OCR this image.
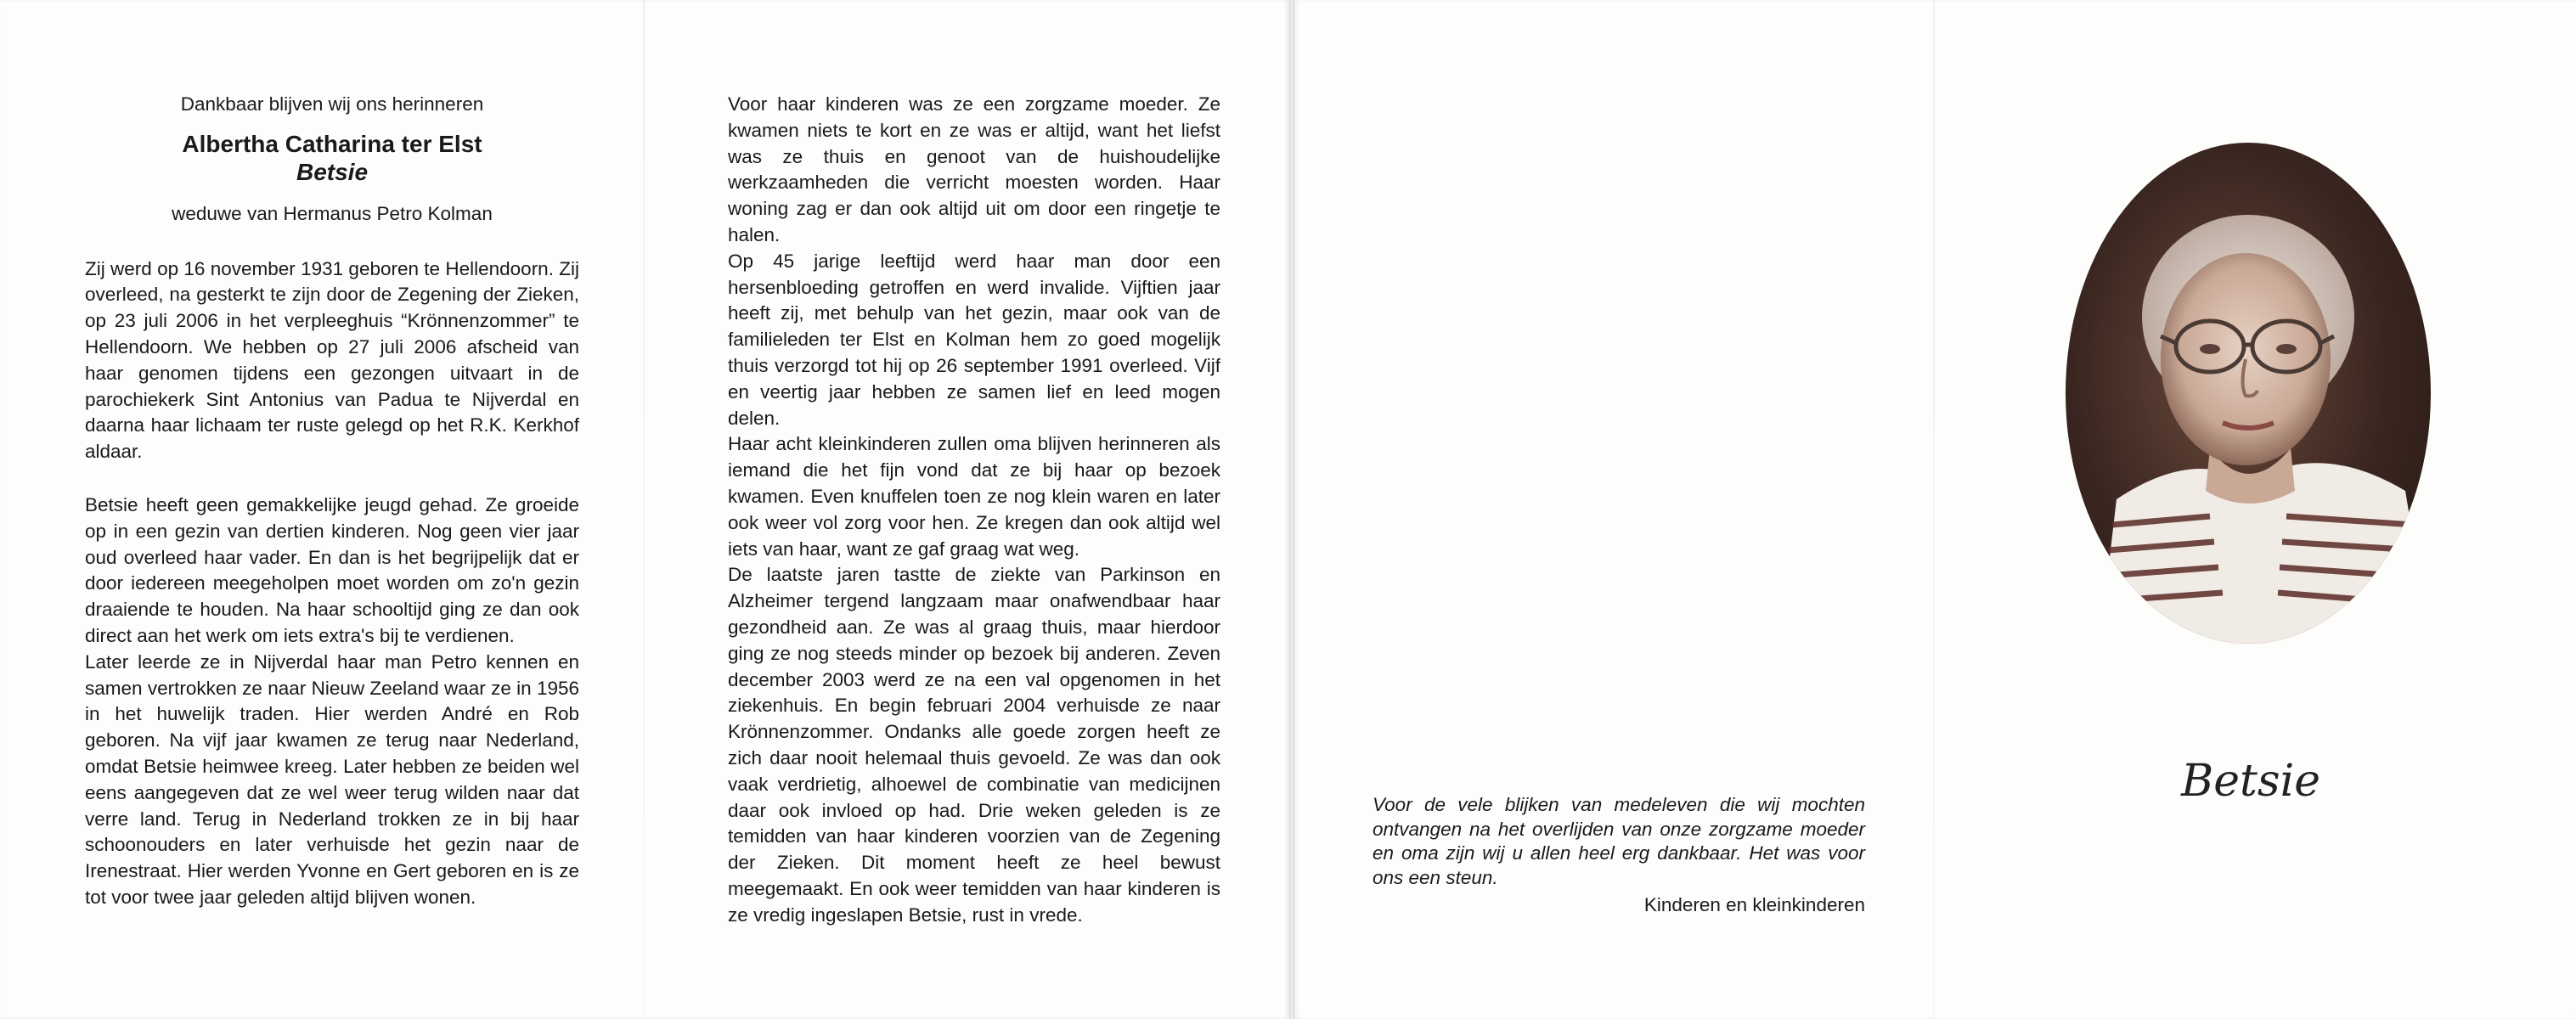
Dankbaar blijven wij ons herinneren
Albertha Catharina ter Elst
Betsie
weduwe van Hermanus Petro Kolman

Zij werd op 16 november 1931 geboren te Hellendoorn. Zij overleed, na gesterkt te zijn door de Zegening der Zieken, op 23 juli 2006 in het verpleeghuis “Krönnenzommer” te Hellendoorn. We hebben op 27 juli 2006 afscheid van haar genomen tijdens een gezongen uitvaart in de parochiekerk Sint Antonius van Padua te Nijverdal en daarna haar lichaam ter ruste gelegd op het R.K. Kerkhof aldaar.

Betsie heeft geen gemakkelijke jeugd gehad. Ze groeide op in een gezin van dertien kinderen. Nog geen vier jaar oud overleed haar vader. En dan is het begrijpelijk dat er door iedereen meegeholpen moet worden om zo'n gezin draaiende te houden. Na haar schooltijd ging ze dan ook direct aan het werk om iets extra's bij te verdienen.

Later leerde ze in Nijverdal haar man Petro kennen en samen vertrokken ze naar Nieuw Zeeland waar ze in 1956 in het huwelijk traden. Hier werden André en Rob geboren. Na vijf jaar kwamen ze terug naar Nederland, omdat Betsie heimwee kreeg. Later hebben ze beiden wel eens aangegeven dat ze wel weer terug wilden naar dat verre land. Terug in Nederland trokken ze in bij haar schoonouders en later verhuisde het gezin naar de Irenestraat. Hier werden Yvonne en Gert geboren en is ze tot voor twee jaar geleden altijd blijven wonen.

Voor haar kinderen was ze een zorgzame moeder. Ze kwamen niets te kort en ze was er altijd, want het liefst was ze thuis en genoot van de huishoudelijke werkzaamheden die verricht moesten worden. Haar woning zag er dan ook altijd uit om door een ringetje te halen.

Op 45 jarige leeftijd werd haar man door een hersenbloeding getroffen en werd invalide. Vijftien jaar heeft zij, met behulp van het gezin, maar ook van de familieleden ter Elst en Kolman hem zo goed mogelijk thuis verzorgd tot hij op 26 september 1991 overleed. Vijf en veertig jaar hebben ze samen lief en leed mogen delen.

Haar acht kleinkinderen zullen oma blijven herinneren als iemand die het fijn vond dat ze bij haar op bezoek kwamen. Even knuffelen toen ze nog klein waren en later ook weer vol zorg voor hen. Ze kregen dan ook altijd wel iets van haar, want ze gaf graag wat weg.

De laatste jaren tastte de ziekte van Parkinson en Alzheimer tergend langzaam maar onafwendbaar haar gezondheid aan. Ze was al graag thuis, maar hierdoor ging ze nog steeds minder op bezoek bij anderen. Zeven december 2003 werd ze na een val opgenomen in het ziekenhuis. En begin februari 2004 verhuisde ze naar Krönnenzommer. Ondanks alle goede zorgen heeft ze zich daar nooit helemaal thuis gevoeld. Ze was dan ook vaak verdrietig, alhoewel de combinatie van medicijnen daar ook invloed op had. Drie weken geleden is ze temidden van haar kinderen voorzien van de Zegening der Zieken. Dit moment heeft ze heel bewust meegemaakt. En ook weer temidden van haar kinderen is ze vredig ingeslapen Betsie, rust in vrede.

Voor de vele blijken van medeleven die wij mochten ontvangen na het overlijden van onze zorgzame moeder en oma zijn wij u allen heel erg dankbaar. Het was voor ons een steun.

Kinderen en kleinkinderen

Betsie
